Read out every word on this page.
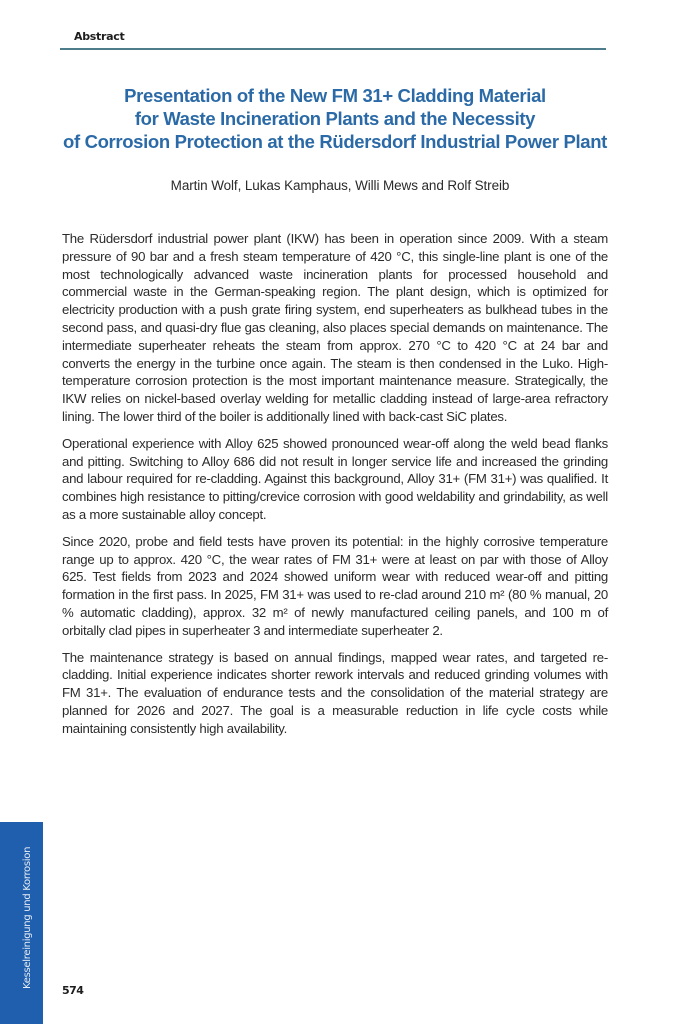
Abstract
Presentation of the New FM 31+ Cladding Material
for Waste Incineration Plants and the Necessity
of Corrosion Protection at the Rüdersdorf Industrial Power Plant
Martin Wolf, Lukas Kamphaus, Willi Mews and Rolf Streib

The Rüdersdorf industrial power plant (IKW) has been in operation since 2009. With a steam pressure of 90 bar and a fresh steam temperature of 420 °C, this single-line plant is one of the most technologically advanced waste incineration plants for processed household and commercial waste in the German-speaking region. The plant design, which is optimized for electricity production with a push grate firing system, end superheaters as bulkhead tubes in the second pass, and quasi-dry flue gas cleaning, also places special demands on maintenance. The intermediate superheater reheats the steam from approx. 270 °C to 420 °C at 24 bar and converts the energy in the turbine once again. The steam is then condensed in the Luko. High-temperature corrosion protection is the most important maintenance measure. Strategically, the IKW relies on nickel-based overlay welding for metallic cladding instead of large-area refractory lining. The lower third of the boiler is additionally lined with back-cast SiC plates.

Operational experience with Alloy 625 showed pronounced wear-off along the weld bead flanks and pitting. Switching to Alloy 686 did not result in longer service life and increased the grinding and labour required for re-cladding. Against this background, Alloy 31+ (FM 31+) was qualified. It combines high resistance to pitting/crevice corrosion with good weldability and grindability, as well as a more sustainable alloy concept.

Since 2020, probe and field tests have proven its potential: in the highly corrosive temperature range up to approx. 420 °C, the wear rates of FM 31+ were at least on par with those of Alloy 625. Test fields from 2023 and 2024 showed uniform wear with reduced wear-off and pitting formation in the first pass. In 2025, FM 31+ was used to re-clad around 210 m² (80 % manual, 20 % automatic cladding), approx. 32 m² of newly manufactured ceiling panels, and 100 m of orbitally clad pipes in superheater 3 and intermediate superheater 2.

The maintenance strategy is based on annual findings, mapped wear rates, and targeted re-cladding. Initial experience indicates shorter rework intervals and reduced grinding volumes with FM 31+. The evaluation of endurance tests and the consolidation of the material strategy are planned for 2026 and 2027. The goal is a measurable reduction in life cycle costs while maintaining consistently high availability.

Kesselreinigung und Korrosion
574
